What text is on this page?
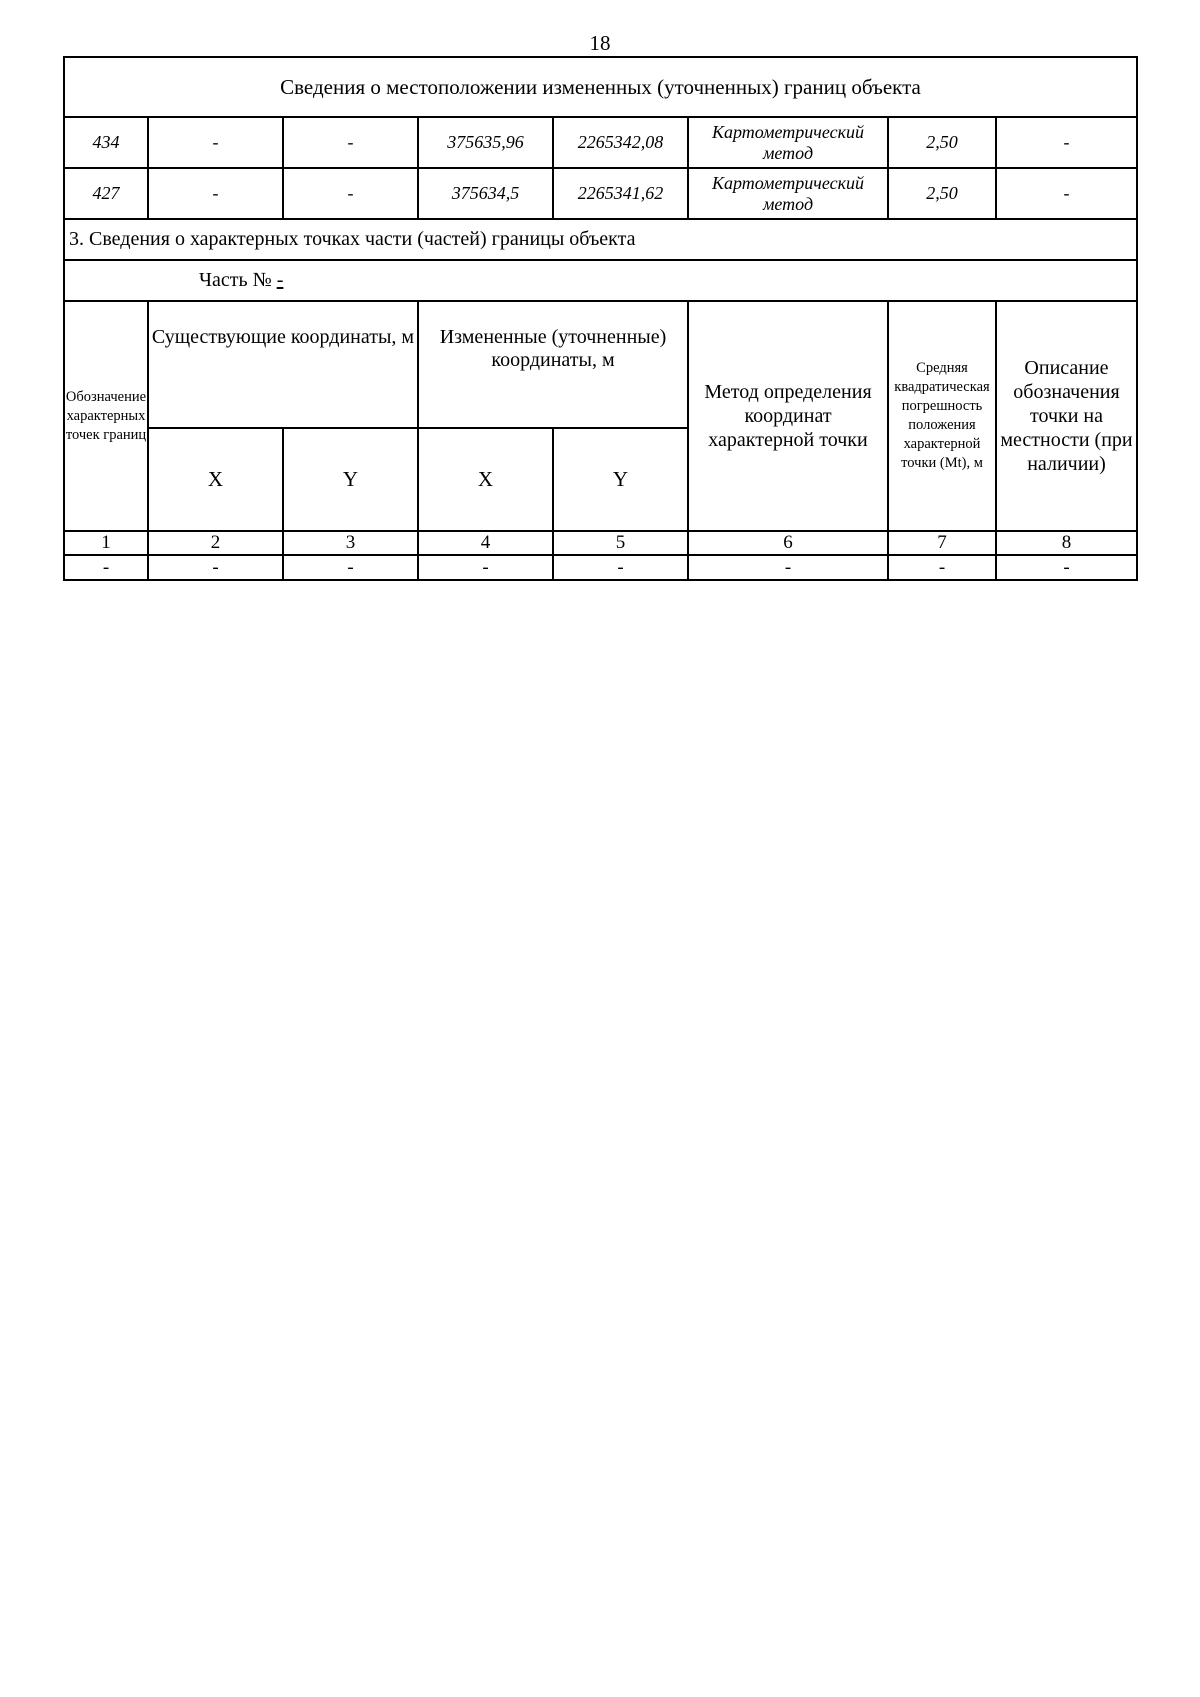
18
Сведения о местоположении измененных (уточненных) границ объекта							
434	-	-	375635,96	2265342,08	Картометрический метод	2,50	-
427	-	-	375634,5	2265341,62	Картометрический метод	2,50	-
3. Сведения о характерных точках части (частей) границы объекта							
Часть № -							
Обозначение характерных точек границ	Существующие координаты, м		Измененные (уточненные) координаты, м		Метод определения координат характерной точки	Средняя квадратическая погрешность положения характерной точки (Mt), м	Описание обозначения точки на местности (при наличии)
	X	Y	X	Y			
1	2	3	4	5	6	7	8
-	-	-	-	-	-	-	-
